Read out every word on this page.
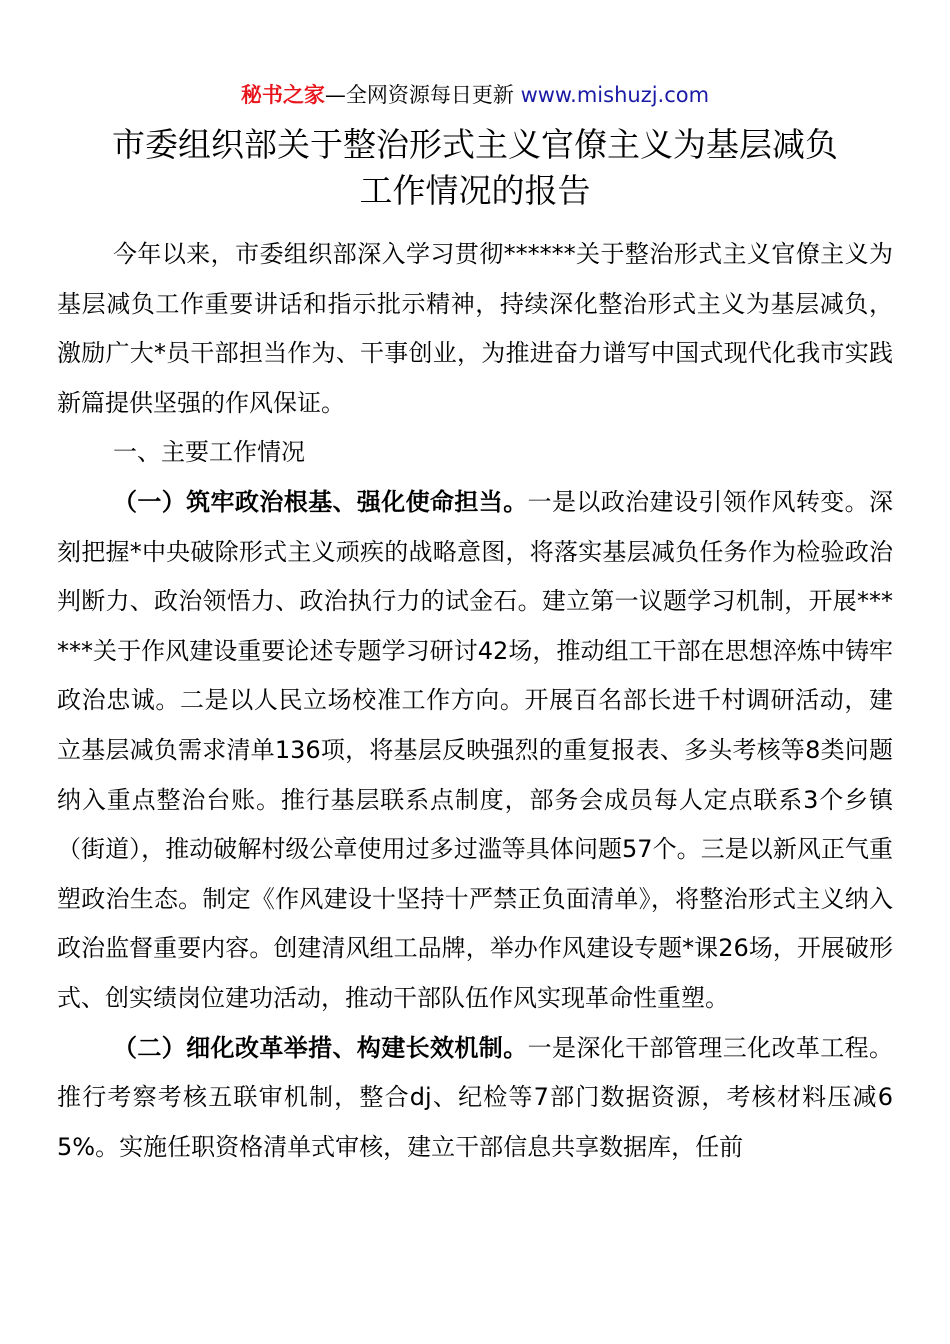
秘书之家—全网资源每日更新 www.mishuzj.com
市委组织部关于整治形式主义官僚主义为基层减负
工作情况的报告

今年以来，市委组织部深入学习贯彻******关于整治形式主义官僚主义为基层减负工作重要讲话和指示批示精神，持续深化整治形式主义为基层减负，激励广大*员干部担当作为、干事创业，为推进奋力谱写中国式现代化我市实践新篇提供坚强的作风保证。

一、主要工作情况

（一）筑牢政治根基、强化使命担当。一是以政治建设引领作风转变。深刻把握*中央破除形式主义顽疾的战略意图，将落实基层减负任务作为检验政治判断力、政治领悟力、政治执行力的试金石。建立第一议题学习机制，开展******关于作风建设重要论述专题学习研讨42场，推动组工干部在思想淬炼中铸牢政治忠诚。二是以人民立场校准工作方向。开展百名部长进千村调研活动，建立基层减负需求清单136项，将基层反映强烈的重复报表、多头考核等8类问题纳入重点整治台账。推行基层联系点制度，部务会成员每人定点联系3个乡镇（街道），推动破解村级公章使用过多过滥等具体问题57个。三是以新风正气重塑政治生态。制定《作风建设十坚持十严禁正负面清单》，将整治形式主义纳入政治监督重要内容。创建清风组工品牌，举办作风建设专题*课26场，开展破形式、创实绩岗位建功活动，推动干部队伍作风实现革命性重塑。

（二）细化改革举措、构建长效机制。一是深化干部管理三化改革工程。推行考察考核五联审机制，整合dj、纪检等7部门数据资源，考核材料压减65%。实施任职资格清单式审核，建立干部信息共享数据库，任前
